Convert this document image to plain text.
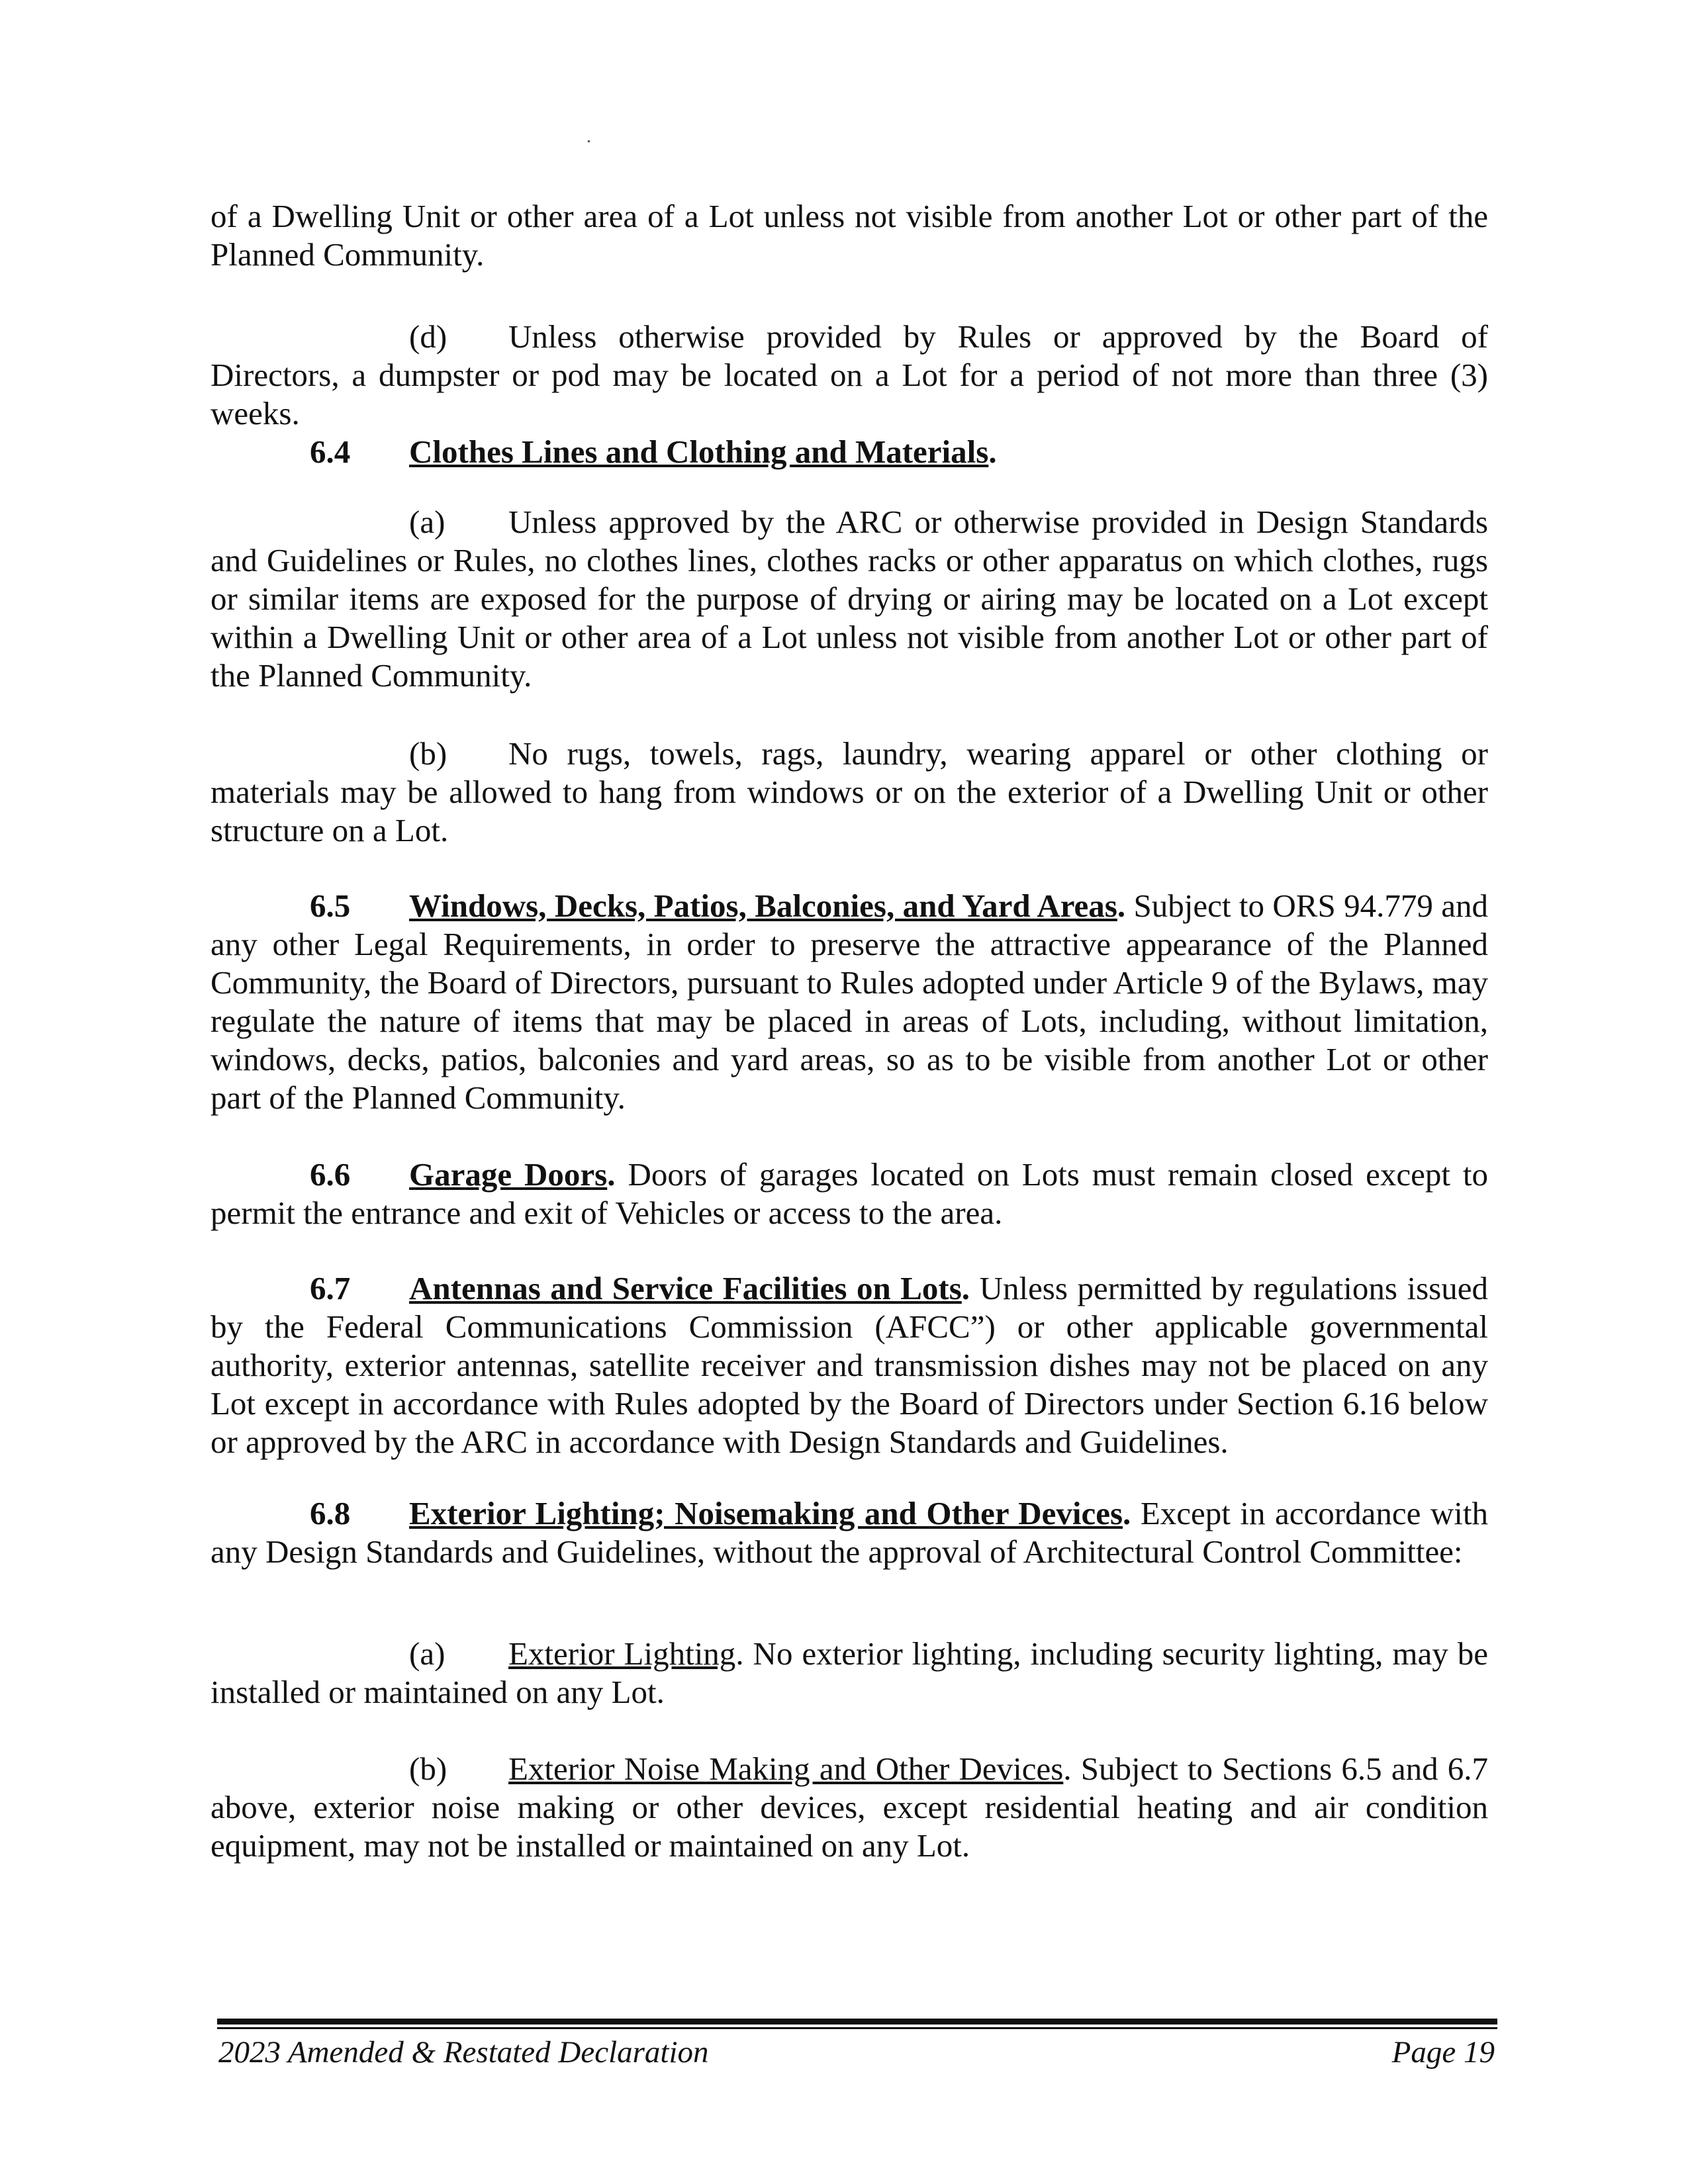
of a Dwelling Unit or other area of a Lot unless not visible from another Lot or other part of the Planned Community.

(d) Unless otherwise provided by Rules or approved by the Board of Directors, a dumpster or pod may be located on a Lot for a period of not more than three (3) weeks.

6.4 Clothes Lines and Clothing and Materials.

(a) Unless approved by the ARC or otherwise provided in Design Standards and Guidelines or Rules, no clothes lines, clothes racks or other apparatus on which clothes, rugs or similar items are exposed for the purpose of drying or airing may be located on a Lot except within a Dwelling Unit or other area of a Lot unless not visible from another Lot or other part of the Planned Community.

(b) No rugs, towels, rags, laundry, wearing apparel or other clothing or materials may be allowed to hang from windows or on the exterior of a Dwelling Unit or other structure on a Lot.

6.5 Windows, Decks, Patios, Balconies, and Yard Areas. Subject to ORS 94.779 and any other Legal Requirements, in order to preserve the attractive appearance of the Planned Community, the Board of Directors, pursuant to Rules adopted under Article 9 of the Bylaws, may regulate the nature of items that may be placed in areas of Lots, including, without limitation, windows, decks, patios, balconies and yard areas, so as to be visible from another Lot or other part of the Planned Community.

6.6 Garage Doors. Doors of garages located on Lots must remain closed except to permit the entrance and exit of Vehicles or access to the area.

6.7 Antennas and Service Facilities on Lots. Unless permitted by regulations issued by the Federal Communications Commission (AFCC”) or other applicable governmental authority, exterior antennas, satellite receiver and transmission dishes may not be placed on any Lot except in accordance with Rules adopted by the Board of Directors under Section 6.16 below or approved by the ARC in accordance with Design Standards and Guidelines.

6.8 Exterior Lighting; Noisemaking and Other Devices. Except in accordance with any Design Standards and Guidelines, without the approval of Architectural Control Committee:

(a) Exterior Lighting. No exterior lighting, including security lighting, may be installed or maintained on any Lot.

(b) Exterior Noise Making and Other Devices. Subject to Sections 6.5 and 6.7 above, exterior noise making or other devices, except residential heating and air condition equipment, may not be installed or maintained on any Lot.

2023 Amended & Restated Declaration	Page 19
